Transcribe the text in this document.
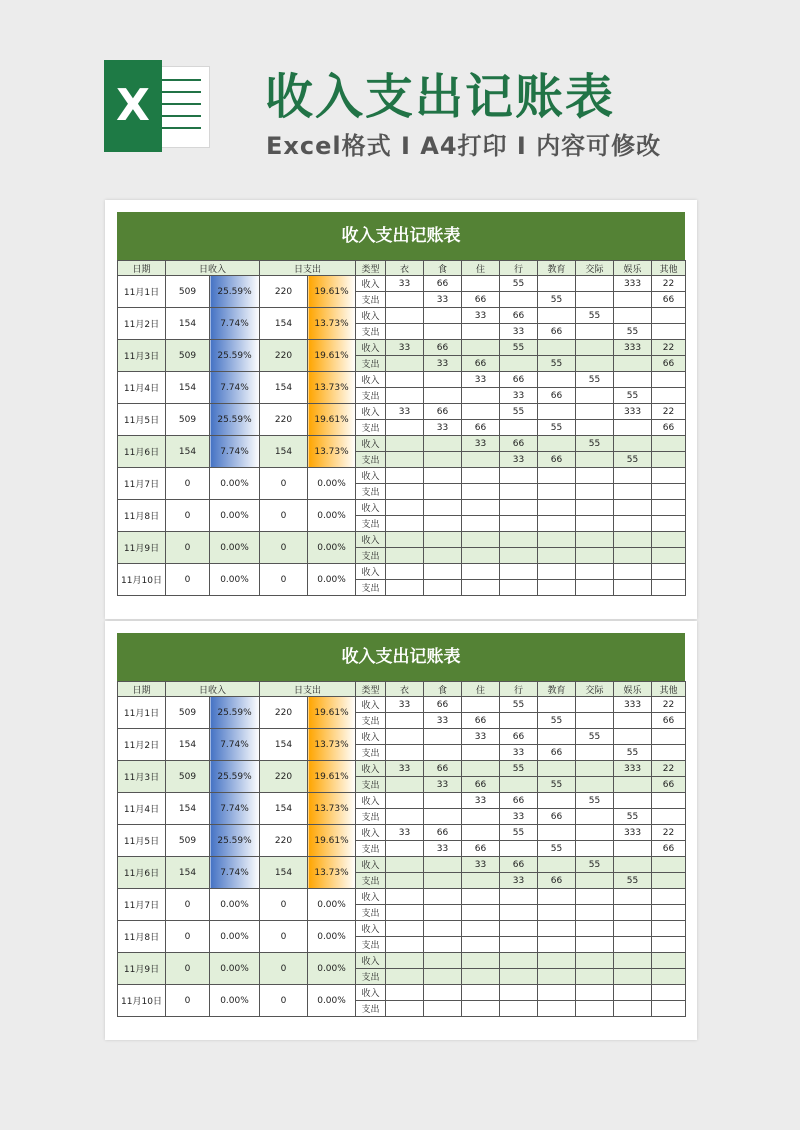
X 收入支出记账表
Excel格式 I A4打印 I 内容可修改
收入支出记账表
日期	日收入		日支出		类型	衣	食	住	行	教育	交际	娱乐	其他
11月1日	509	25.59%	220	19.61%	收入	33	66		55			333	22
					支出		33	66		55			66
11月2日	154	7.74%	154	13.73%	收入			33	66		55		
					支出				33	66		55	
11月3日	509	25.59%	220	19.61%	收入	33	66		55			333	22
					支出		33	66		55			66
11月4日	154	7.74%	154	13.73%	收入			33	66		55		
					支出				33	66		55	
11月5日	509	25.59%	220	19.61%	收入	33	66		55			333	22
					支出		33	66		55			66
11月6日	154	7.74%	154	13.73%	收入			33	66		55		
					支出				33	66		55	
11月7日	0	0.00%	0	0.00%	收入								
					支出								
11月8日	0	0.00%	0	0.00%	收入								
					支出								
11月9日	0	0.00%	0	0.00%	收入								
					支出								
11月10日	0	0.00%	0	0.00%	收入								
					支出								
收入支出记账表
日期	日收入		日支出		类型	衣	食	住	行	教育	交际	娱乐	其他
11月1日	509	25.59%	220	19.61%	收入	33	66		55			333	22
					支出		33	66		55			66
11月2日	154	7.74%	154	13.73%	收入			33	66		55		
					支出				33	66		55	
11月3日	509	25.59%	220	19.61%	收入	33	66		55			333	22
					支出		33	66		55			66
11月4日	154	7.74%	154	13.73%	收入			33	66		55		
					支出				33	66		55	
11月5日	509	25.59%	220	19.61%	收入	33	66		55			333	22
					支出		33	66		55			66
11月6日	154	7.74%	154	13.73%	收入			33	66		55		
					支出				33	66		55	
11月7日	0	0.00%	0	0.00%	收入								
					支出								
11月8日	0	0.00%	0	0.00%	收入								
					支出								
11月9日	0	0.00%	0	0.00%	收入								
					支出								
11月10日	0	0.00%	0	0.00%	收入								
					支出								
